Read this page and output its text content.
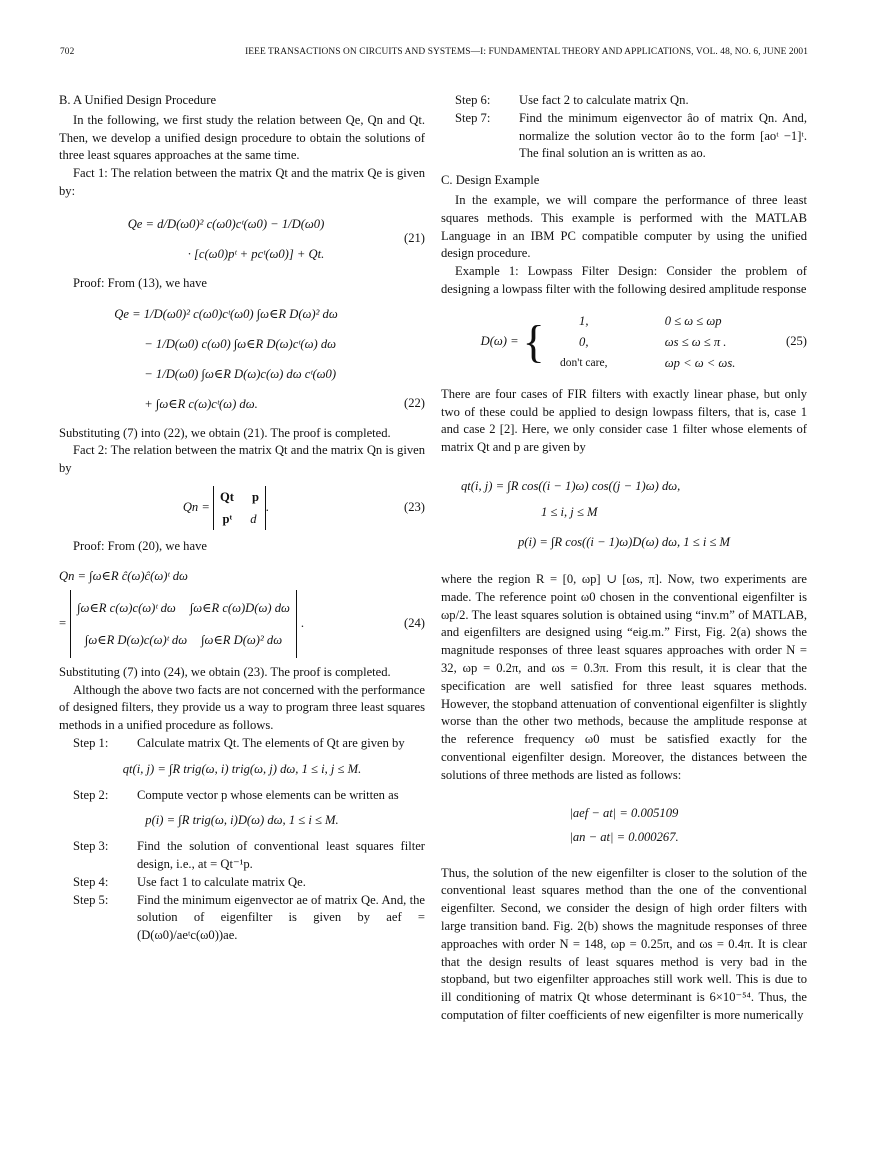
702	IEEE TRANSACTIONS ON CIRCUITS AND SYSTEMS—I: FUNDAMENTAL THEORY AND APPLICATIONS, VOL. 48, NO. 6, JUNE 2001

B. A Unified Design Procedure

In the following, we first study the relation between Qe, Qn and Qt. Then, we develop a unified design procedure to obtain the solutions of three least squares approaches at the same time.

Fact 1: The relation between the matrix Qt and the matrix Qe is given by:

Qe = d/D(ω0)² c(ω0)cᵗ(ω0) − 1/D(ω0)
· [c(ω0)pᵗ + pcᵗ(ω0)] + Qt.
(21)

Proof: From (13), we have

Qe = 1/D(ω0)² c(ω0)cᵗ(ω0) ∫ω∈R D(ω)² dω
− 1/D(ω0) c(ω0) ∫ω∈R D(ω)cᵗ(ω) dω
− 1/D(ω0) ∫ω∈R D(ω)c(ω) dω cᵗ(ω0)
+ ∫ω∈R c(ω)cᵗ(ω) dω.	(22)

Substituting (7) into (22), we obtain (21). The proof is completed.

Fact 2: The relation between the matrix Qt and the matrix Qn is given by

Qn =
Qt p
pᵗ d
.	(23)

Proof: From (20), we have

Qn = ∫ω∈R ĉ(ω)ĉ(ω)ᵗ dω
=
∫ω∈R c(ω)c(ω)ᵗ dω ∫ω∈R c(ω)D(ω) dω
∫ω∈R D(ω)c(ω)ᵗ dω ∫ω∈R D(ω)² dω
.	(24)

Substituting (7) into (24), we obtain (23). The proof is completed.

Although the above two facts are not concerned with the performance of designed filters, they provide us a way to program three least squares methods in a unified procedure as follows.

Step 1:	Calculate matrix Qt. The elements of Qt are given by
qt(i, j) = ∫R trig(ω, i) trig(ω, j) dω, 1 ≤ i, j ≤ M.
Step 2:	Compute vector p whose elements can be written as
p(i) = ∫R trig(ω, i)D(ω) dω, 1 ≤ i ≤ M.
Step 3:	Find the solution of conventional least squares filter design, i.e., at = Qt⁻¹p.
Step 4:	Use fact 1 to calculate matrix Qe.
Step 5:	Find the minimum eigenvector ae of matrix Qe. And, the solution of eigenfilter is given by aef = (D(ω0)/aeᵗc(ω0))ae.
Step 6:	Use fact 2 to calculate matrix Qn.
Step 7:	Find the minimum eigenvector âo of matrix Qn. And, normalize the solution vector âo to the form [aoᵗ −1]ᵗ. The final solution an is written as ao.

C. Design Example

In the example, we will compare the performance of three least squares methods. This example is performed with the MATLAB Language in an IBM PC compatible computer by using the unified design procedure.

Example 1: Lowpass Filter Design: Consider the problem of designing a lowpass filter with the following desired amplitude response

D(ω) = {	1,	0 ≤ ω ≤ ωp
0,	ωs ≤ ω ≤ π .
don't care,	ωp < ω < ωs.
(25)

There are four cases of FIR filters with exactly linear phase, but only two of these could be applied to design lowpass filters, that is, case 1 and case 2 [2]. Here, we only consider case 1 filter whose elements of matrix Qt and p are given by

qt(i, j) = ∫R cos((i − 1)ω) cos((j − 1)ω) dω,
1 ≤ i, j ≤ M
p(i) = ∫R cos((i − 1)ω)D(ω) dω, 1 ≤ i ≤ M

where the region R = [0, ωp] ∪ [ωs, π]. Now, two experiments are made. The reference point ω0 chosen in the conventional eigenfilter is ωp/2. The least squares solution is obtained using “inv.m” of MATLAB, and eigenfilters are designed using “eig.m.” First, Fig. 2(a) shows the magnitude responses of three least squares approaches with order N = 32, ωp = 0.2π, and ωs = 0.3π. From this result, it is clear that the specification are well satisfied for three least squares methods. However, the stopband attenuation of conventional eigenfilter is slightly worse than the other two methods, because the amplitude response at the reference frequency ω0 must be satisfied exactly for the conventional eigenfilter design. Moreover, the distances between the solutions of three methods are listed as follows:

|aef − at| = 0.005109
|an − at| = 0.000267.

Thus, the solution of the new eigenfilter is closer to the solution of the conventional least squares method than the one of the conventional eigenfilter. Second, we consider the design of high order filters with large transition band. Fig. 2(b) shows the magnitude responses of three approaches with order N = 148, ωp = 0.25π, and ωs = 0.4π. It is clear that the design results of least squares method is very bad in the stopband, but two eigenfilter approaches still work well. This is due to ill conditioning of matrix Qt whose determinant is 6×10⁻⁵⁴. Thus, the computation of filter coefficients of new eigenfilter is more numerically
